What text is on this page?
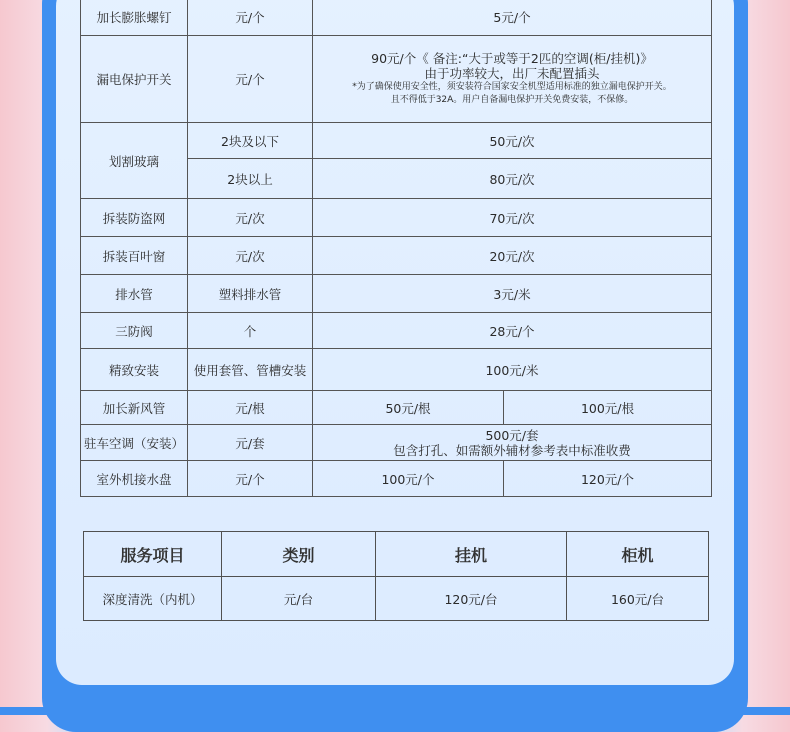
加长膨胀螺钉	元/个	5元/个	
漏电保护开关	元/个	90元/个《 备注:“大于或等于2匹的空调(柜/挂机)》
由于功率较大，出厂未配置插头
*为了确保使用安全性，须安装符合国家安全机型适用标准的独立漏电保护开关。
且不得低于32A。用户自备漏电保护开关免费安装，不保修。	

划割玻璃	2块及以下	50元/次	
	2块以上	80元/次	
拆装防盗网	元/次	70元/次	
拆装百叶窗	元/次	20元/次	
排水管	塑料排水管	3元/米	
三防阀	个	28元/个	
精致安装	使用套管、管槽安装	100元/米	
加长新风管	元/根	50元/根	100元/根
驻车空调（安装）	元/套	500元/套
包含打孔、如需额外辅材参考表中标准收费	

室外机接水盘	元/个	100元/个	120元/个
服务项目	类别	挂机	柜机
深度清洗（内机）	元/台	120元/台	160元/台
